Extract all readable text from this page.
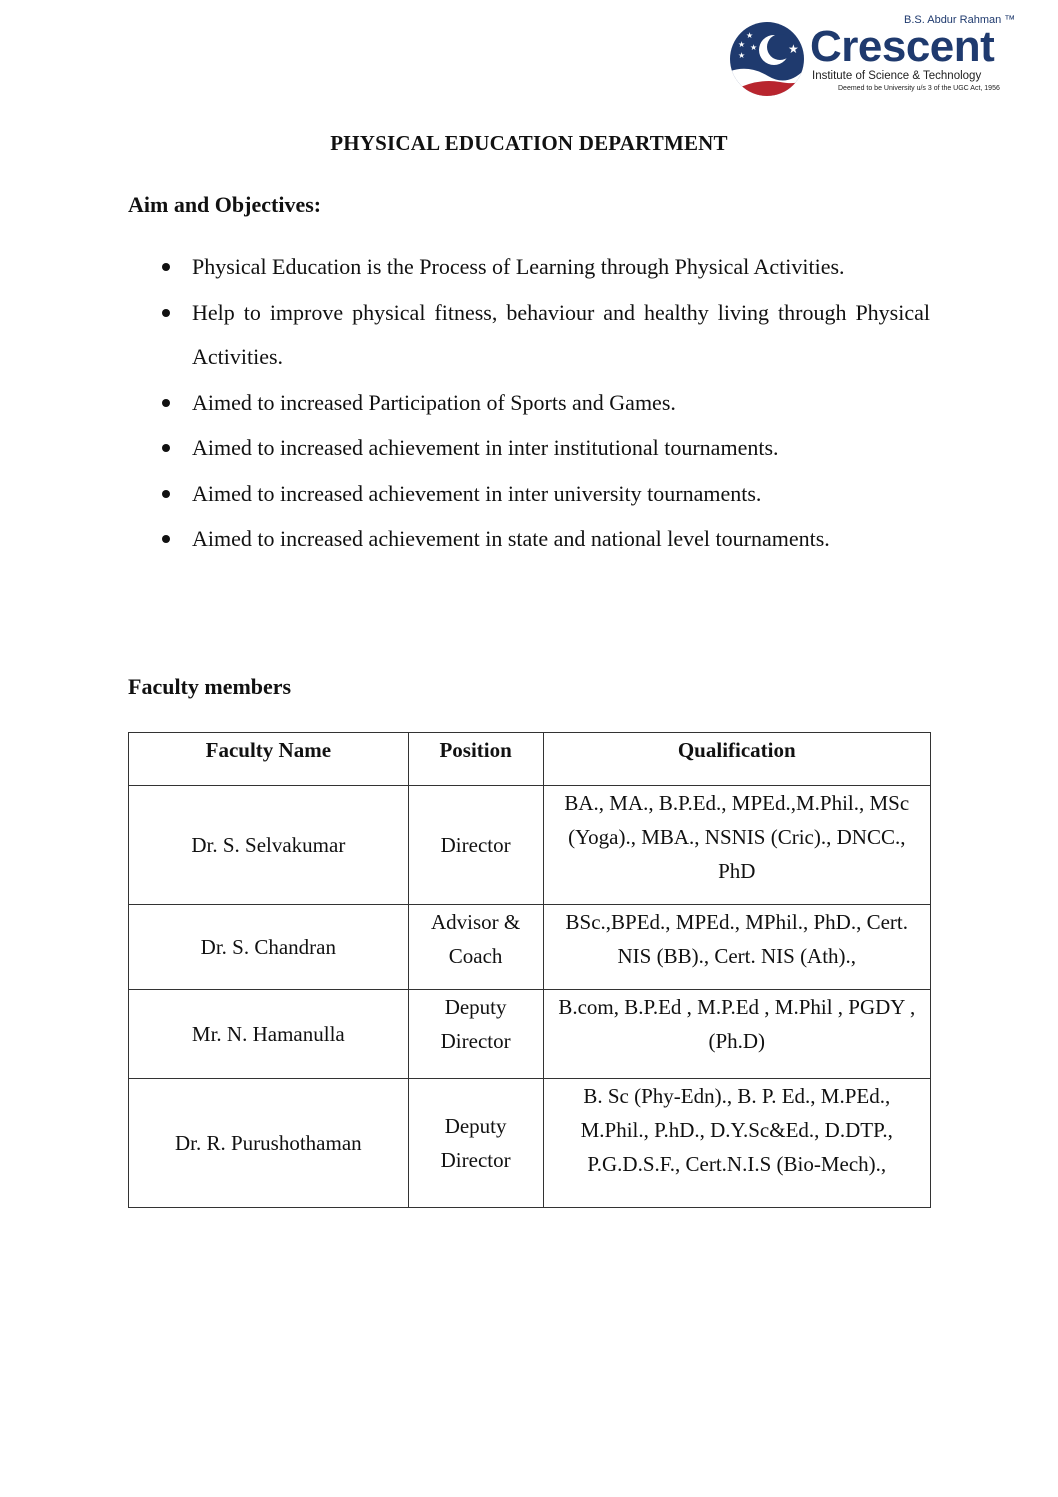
★
★
★ ★
★
B.S. Abdur Rahman ™
Crescent
Institute of Science & Technology
Deemed to be University u/s 3 of the UGC Act, 1956
PHYSICAL EDUCATION DEPARTMENT
Aim and Objectives:
Physical Education is the Process of Learning through Physical Activities.
Help to improve physical fitness, behaviour and healthy living through Physical Activities.
Aimed to increased Participation of Sports and Games.
Aimed to increased achievement in inter institutional tournaments.
Aimed to increased achievement in inter university tournaments.
Aimed to increased achievement in state and national level tournaments.
Faculty members
Faculty Name	Position	Qualification
Dr. S. Selvakumar	Director	BA., MA., B.P.Ed., MPEd.,M.Phil., MSc (Yoga)., MBA., NSNIS (Cric)., DNCC., PhD
Dr. S. Chandran	Advisor & Coach	BSc.,BPEd., MPEd., MPhil., PhD., Cert. NIS (BB)., Cert. NIS (Ath).,
Mr. N. Hamanulla	Deputy Director	B.com, B.P.Ed , M.P.Ed , M.Phil , PGDY , (Ph.D)
Dr. R. Purushothaman	Deputy Director	B. Sc (Phy-Edn)., B. P. Ed., M.PEd., M.Phil., P.hD., D.Y.Sc&Ed., D.DTP., P.G.D.S.F., Cert.N.I.S (Bio-Mech).,
